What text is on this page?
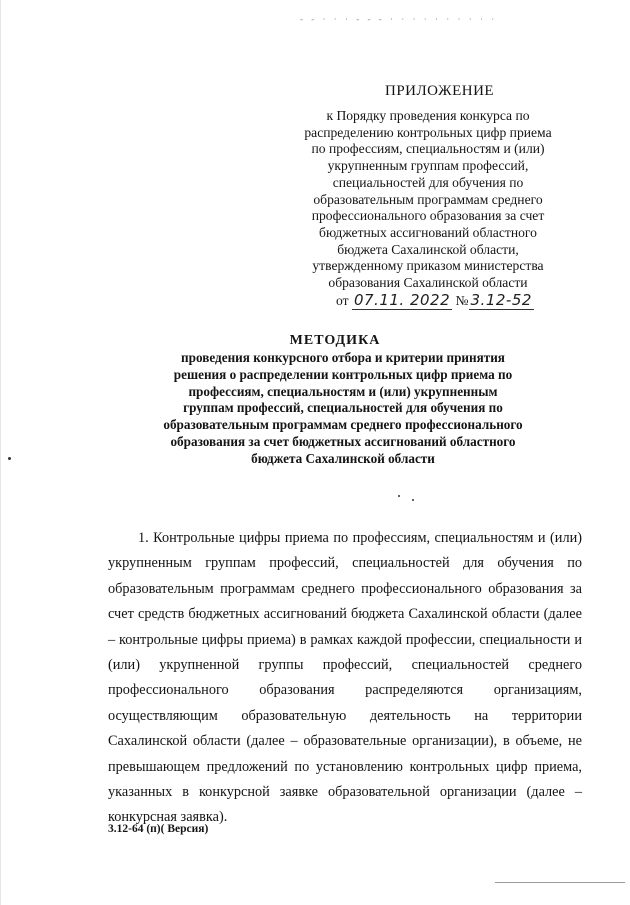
- - · · · - - - · · · · · · · · · ·
ПРИЛОЖЕНИЕ
к Порядку проведения конкурса по распределению контрольных цифр приема по профессиям, специальностям и (или) укрупненным группам профессий, специальностей для обучения по образовательным программам среднего профессионального образования за счет бюджетных ассигнований областного бюджета Сахалинской области, утвержденному приказом министерства образования Сахалинской области
от 07.11. 2022 № 3.12-52
МЕТОДИКА
проведения конкурсного отбора и критерии принятия решения о распределении контрольных цифр приема по профессиям, специальностям и (или) укрупненным группам профессий, специальностей для обучения по образовательным программам среднего профессионального образования за счет бюджетных ассигнований областного бюджета Сахалинской области

1. Контрольные цифры приема по профессиям, специальностям и (или) укрупненным группам профессий, специальностей для обучения по образовательным программам среднего профессионального образования за счет средств бюджетных ассигнований бюджета Сахалинской области (далее – контрольные цифры приема) в рамках каждой профессии, специальности и (или) укрупненной группы профессий, специальностей среднего профессионального образования распределяются организациям, осуществляющим образовательную деятельность на территории Сахалинской области (далее – образовательные организации), в объеме, не превышающем предложений по установлению контрольных цифр приема, указанных в конкурсной заявке образовательной организации (далее – конкурсная заявка).

3.12-64 (п)( Версия)
